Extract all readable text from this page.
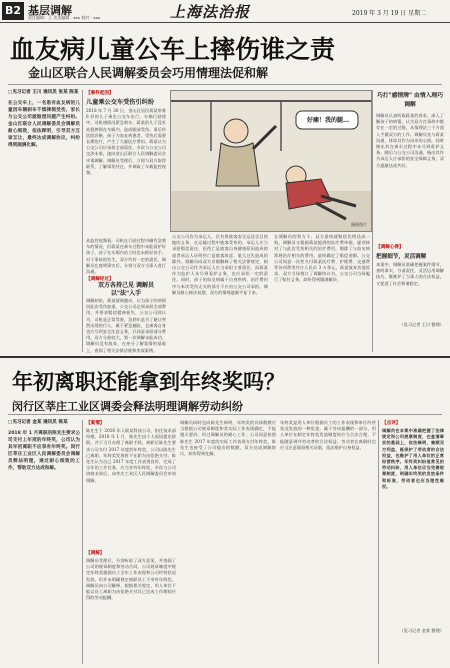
B2 基层调解
责任编辑：王 美术编辑：xxx 校对：xxx	上海法治报	2019 年 3 月 19 日 星期二
血友病儿童公车上摔伤谁之责
金山区联合人民调解委员会巧用情理法促和解
□见习记者 王川 通讯员 张某 陈某
在公交车上，一名患有血友病的儿童因车辆刹车不慎摔倒受伤，家长与公交公司就赔偿问题产生纠纷。金山区联合人民调解委员会调解员耐心细致，依法释明，引导双方互谅互让，最终达成调解协议，纠纷得到圆满化解。
【事件起因】
儿童乘公交车受伤引纠纷
2018 年 7 月 30 日，金山区居民蒋某带着 6 岁的儿子乘坐公交车出行。车辆行驶途中，司机遇情况紧急刹车，蒋某的儿子没有站稳摔倒在车厢内，造成腿部受伤。事后经医院诊断，孩子为血友病患者，受伤后需要长期治疗，产生了大量医疗费用。蒋某认为公交公司应承担全部责任，多次与公交公司交涉未果，遂向金山区联合人民调解委员会申请调解。调解员受理后，立即与双方取得联系，了解事发经过，并调取了车载监控视频。
从监控视频看，司机在行驶过程中确有急刹车的情况，但蒋某在乘车过程中未能看护好孩子，孩子在车厢内站立时也未抓好扶手。对于事故的发生，双方均有一定的责任。调解员在查明事实后，分别与双方当事人进行沟通。
【调解经过】
双方各持己见 调解员以"法"入手
调解初始，蒋某情绪激动，认为孩子的病情因此次受伤加重，公交公司必须承担全部费用，并要求赔偿精神损失。公交公司则认为，司机是正常驾驶，急刹车是为了避让突然出现的行人，属于紧急避险，且乘客自身也应尽到安全注意义务，只同意承担部分费用。双方分歧较大，第一次调解未能成功。调解员没有放弃，在充分了解案情的基础上，查阅了相关法律法规和类似案例。
好痛！我的腿…
漫画图片
公交公司作为承运人，负有将旅客安全运送至目的地的义务，在运输过程中旅客受伤的，承运人应当承担赔偿责任，但伤亡是旅客自身健康原因造成的或者承运人证明伤亡是旅客故意、重大过失造成的除外。调解员向双方详细解释了相关法律规定，指出公交公司作为承运人应当承担主要责任，而蒋某作为监护人未尽到看护义务，也应承担一定的责任。同时，孩子的血友病属于自身疾病，治疗费用中与本次受伤无关的部分不应由公交公司承担。调解员耐心释法说理，双方的情绪逐渐平复下来。
在调解员的努力下，双方最终就赔偿比例达成一致。调解员又根据蒋某提供的医疗费单据，逐项核对了与此次受伤相关的治疗费用，剔除了与血友病常规治疗相关的费用，最终确定了赔偿金额。公交公司同意一次性支付蒋某医疗费、护理费、交通费等各项费用共计人民币 3 万余元，蒋某放弃其他诉求。双方当场签订了调解协议书，公交公司当场履行了赔付义务，纠纷得到圆满解决。
巧打"感情牌" 由情入理巧调解
调解员认真听取蒋某的诉求，深入了解孩子的病情，认为双方在事故中都存在一定的过错，从情理法三个方面入手做双方的工作。调解员先与蒋某沟通，体谅其作为母亲的心情，同时指出其在乘车过程中未尽到看护义务。随后与公交公司沟通，指出其作为承运人应承担的安全保障义务，双方逐渐达成共识。
【调解心得】
把握细节，灵活调解
本案中，调解员准确把握案件细节，查明事实，分清责任，灵活运用调解技巧，既维护了当事人的合法权益，又促进了社会和谐稳定。
（见习记者 王川 整理）
年初离职还能拿到年终奖吗？
闵行区莘庄工业区调委会释法明理调解劳动纠纷
□见习记者 金某 通讯员 陈某
2018 年 1 月离职的陈先生要求公司支付上年度的年终奖，公司认为其年初离职不应享有年终奖。闵行区莘庄工业区人民调解委员会调解员释法明理，通过耐心细致的工作，帮助双方达成和解。
【案情】
陈先生于 2016 年入职某科技公司，担任技术部经理。2018 年 1 月，陈先生因个人原因提出辞职，并于当月办理了离职手续。离职后陈先生要求公司支付 2017 年度的年终奖，公司以陈先生已离职、年终奖发放时不在职为由拒绝支付。陈先生认为自己 2017 年度工作表现良好，完成了全年的工作任务，应当享有年终奖，多次与公司协商未果后，向莘庄工业区人民调解委员会申请调解。
【调解】
调解员受理后，分别听取了双方意见，并查阅了公司的规章制度和劳动合同。公司规章制度中规定年终奖根据员工全年工作表现和公司经营状况发放，但并未明确规定离职员工不享有年终奖。调解员向公司解释，根据相关规定，用人单位不能以员工离职为由拒绝支付其已完成工作期间应得的劳动报酬。
调解员同时也向陈先生释明，年终奖的具体数额应当根据公司规章制度和其实际工作表现确定，不能漫天要价。经过调解员的耐心工作，公司同意按照陈先生 2017 年度的实际工作表现支付年终奖，陈先生也接受了公司提出的数额，双方达成调解协议，纠纷得到化解。
年终奖是用人单位根据员工的工作表现和单位经营状况发放的一种奖金，属于劳动报酬的一部分。用人单位在制定年终奖发放制度时应当合法合理，不能随意剥夺劳动者的合法权益。劳动者在离职时也应当注意保留相关证据，依法维护自身权益。
【点评】
调解员在本案中准确把握了法律规定和公司规章制度，在查清事实的基础上，依法释明，兼顾双方利益，既保护了劳动者的合法权益，也维护了用人单位的正常经营秩序。年终奖纠纷是常见的劳动纠纷，用人单位应当完善规章制度，明确年终奖的发放条件和标准，劳动者也应当理性维权。
（见习记者 金某 整理）
